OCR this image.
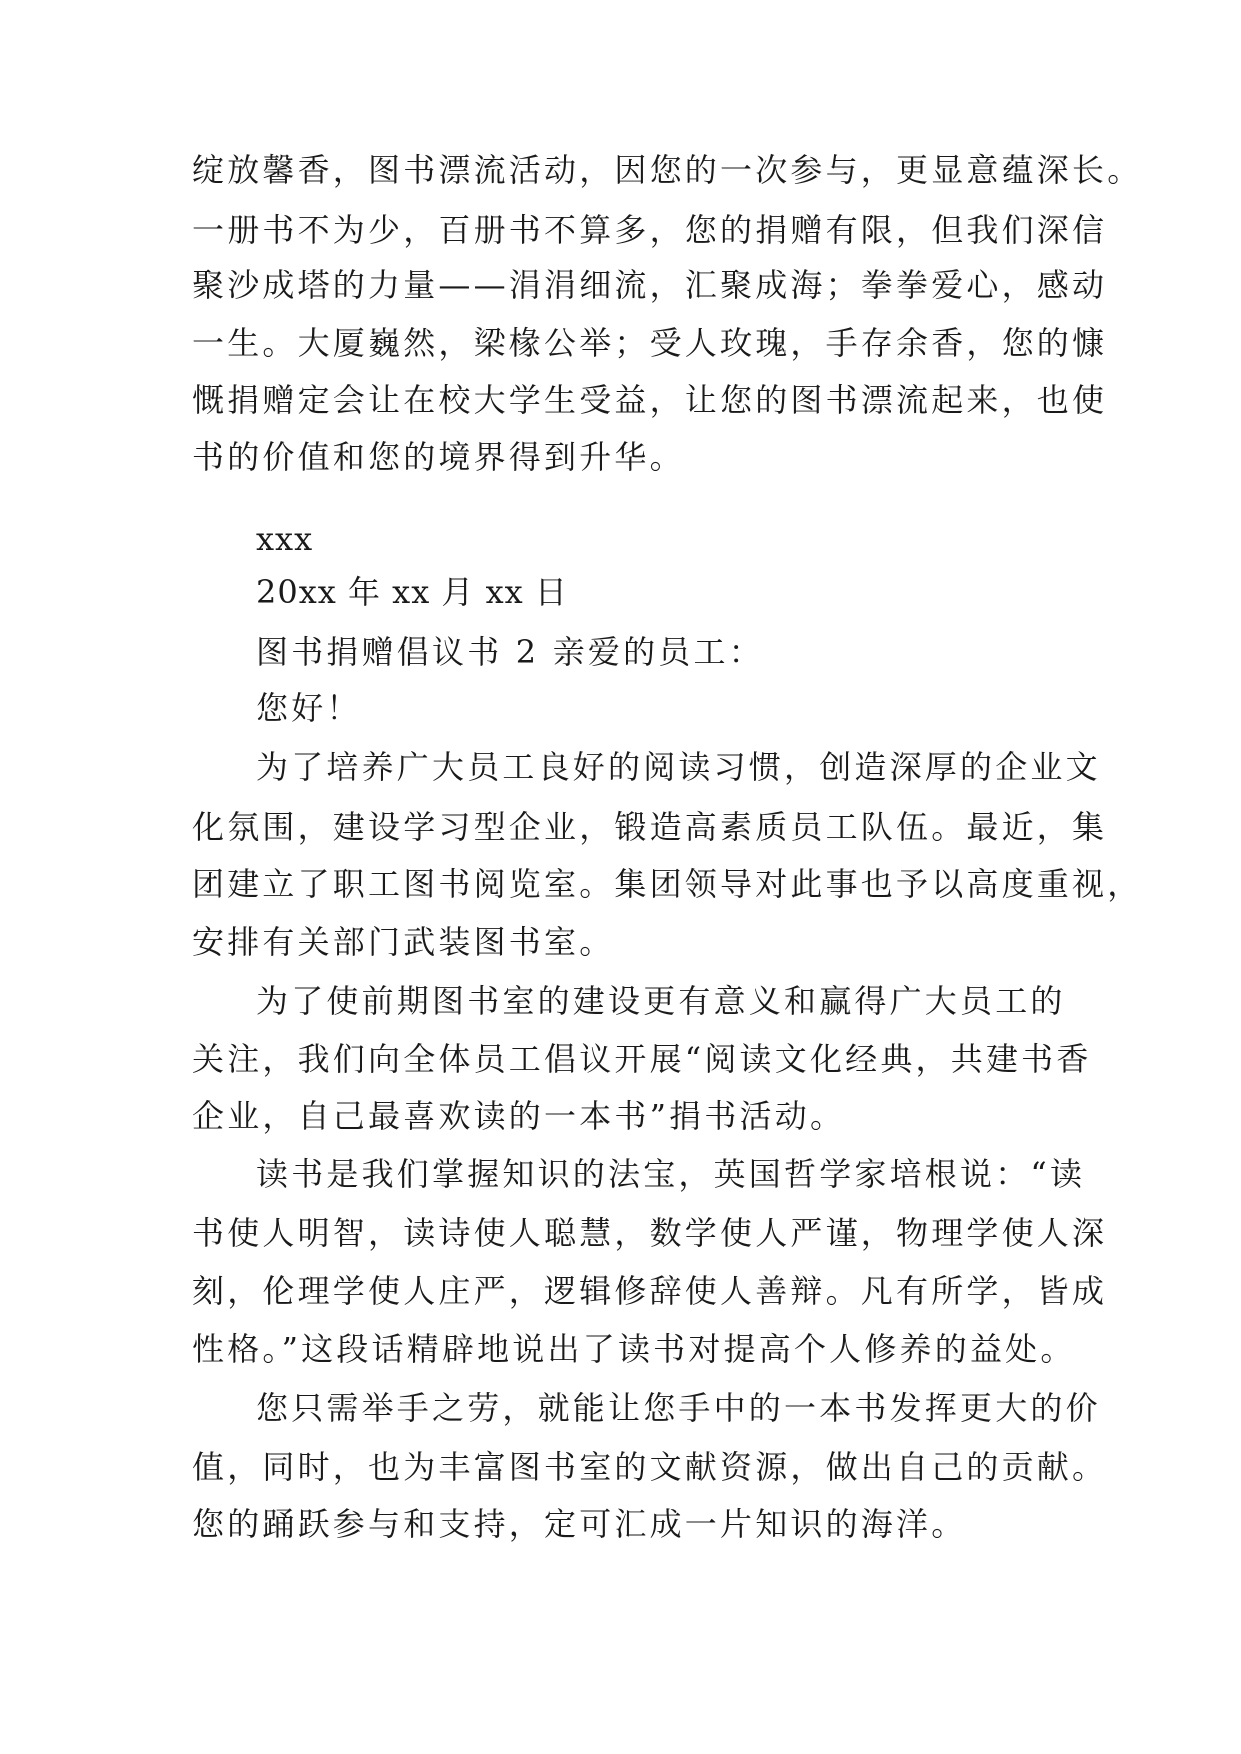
绽放馨香，图书漂流活动，因您的一次参与，更显意蕴深长。
一册书不为少，百册书不算多，您的捐赠有限，但我们深信
聚沙成塔的力量——涓涓细流，汇聚成海；拳拳爱心，感动
一生。大厦巍然，梁椽公举；受人玫瑰，手存余香，您的慷
慨捐赠定会让在校大学生受益，让您的图书漂流起来，也使
书的价值和您的境界得到升华。
xxx
20xx 年 xx 月 xx 日
图书捐赠倡议书 2 亲爱的员工：
您好！
为了培养广大员工良好的阅读习惯，创造深厚的企业文
化氛围，建设学习型企业，锻造高素质员工队伍。最近，集
团建立了职工图书阅览室。集团领导对此事也予以高度重视，
安排有关部门武装图书室。
为了使前期图书室的建设更有意义和赢得广大员工的
关注，我们向全体员工倡议开展“阅读文化经典，共建书香
企业，自己最喜欢读的一本书”捐书活动。
读书是我们掌握知识的法宝，英国哲学家培根说：“读
书使人明智，读诗使人聪慧，数学使人严谨，物理学使人深
刻，伦理学使人庄严，逻辑修辞使人善辩。凡有所学，皆成
性格。”这段话精辟地说出了读书对提高个人修养的益处。
您只需举手之劳，就能让您手中的一本书发挥更大的价
值，同时，也为丰富图书室的文献资源，做出自己的贡献。
您的踊跃参与和支持，定可汇成一片知识的海洋。
